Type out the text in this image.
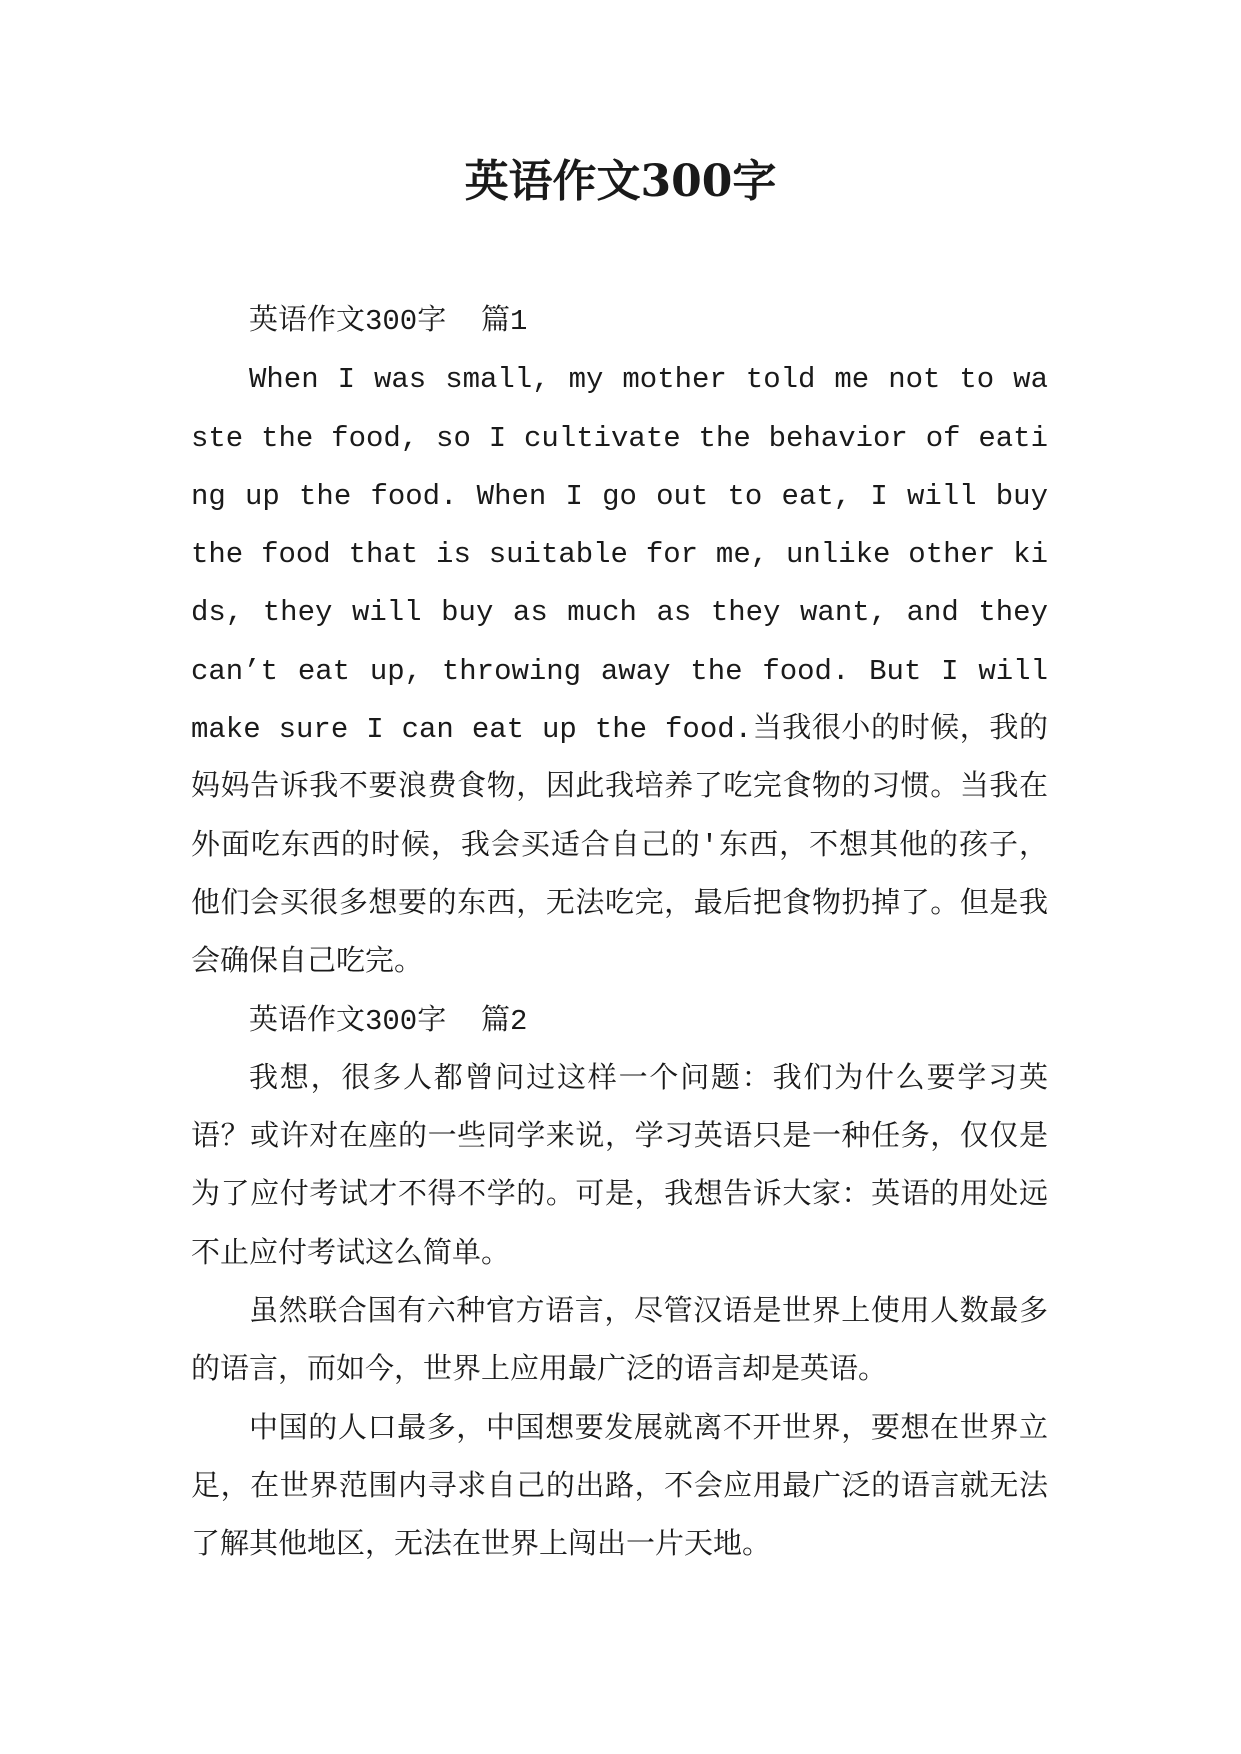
英语作文300字

英语作文300字  篇1

When I was small, my mother told me not to waste the food, so I cultivate the behavior of eating up the food. When I go out to eat, I will buy the food that is suitable for me, unlike other kids, they will buy as much as they want, and they can’t eat up, throwing away the food. But I will make sure I can eat up the food.当我很小的时候，我的妈妈告诉我不要浪费食物，因此我培养了吃完食物的习惯。当我在外面吃东西的时候，我会买适合自己的'东西，不想其他的孩子，他们会买很多想要的东西，无法吃完，最后把食物扔掉了。但是我会确保自己吃完。

英语作文300字  篇2

我想，很多人都曾问过这样一个问题：我们为什么要学习英语？或许对在座的一些同学来说，学习英语只是一种任务，仅仅是为了应付考试才不得不学的。可是，我想告诉大家：英语的用处远不止应付考试这么简单。

虽然联合国有六种官方语言，尽管汉语是世界上使用人数最多的语言，而如今，世界上应用最广泛的语言却是英语。

中国的人口最多，中国想要发展就离不开世界，要想在世界立足，在世界范围内寻求自己的出路，不会应用最广泛的语言就无法了解其他地区，无法在世界上闯出一片天地。
